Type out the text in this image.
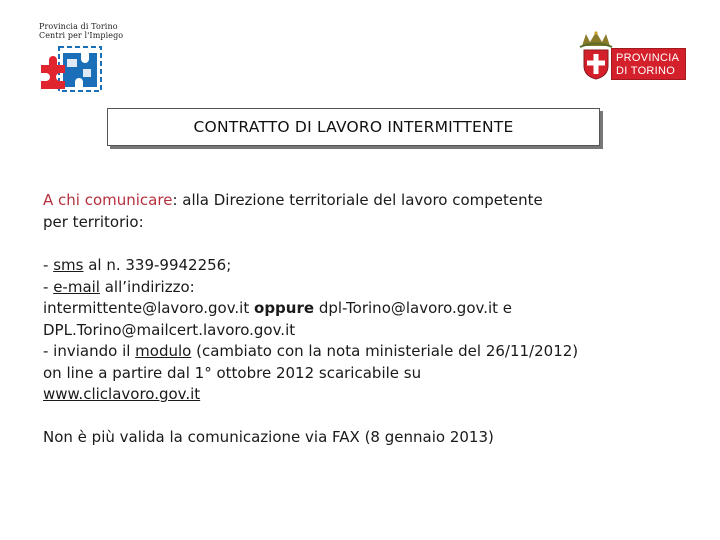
Provincia di Torino
Centri per l'Impiego
PROVINCIA
DI TORINO
CONTRATTO DI LAVORO INTERMITTENTE
A chi comunicare: alla Direzione territoriale del lavoro competente
per territorio:
- sms al n. 339-9942256;
- e-mail all’indirizzo:
intermittente@lavoro.gov.it oppure dpl-Torino@lavoro.gov.it e
DPL.Torino@mailcert.lavoro.gov.it
- inviando il modulo (cambiato con la nota ministeriale del 26/11/2012)
on line a partire dal 1° ottobre 2012 scaricabile su
www.cliclavoro.gov.it
Non è più valida la comunicazione via FAX (8 gennaio 2013)
